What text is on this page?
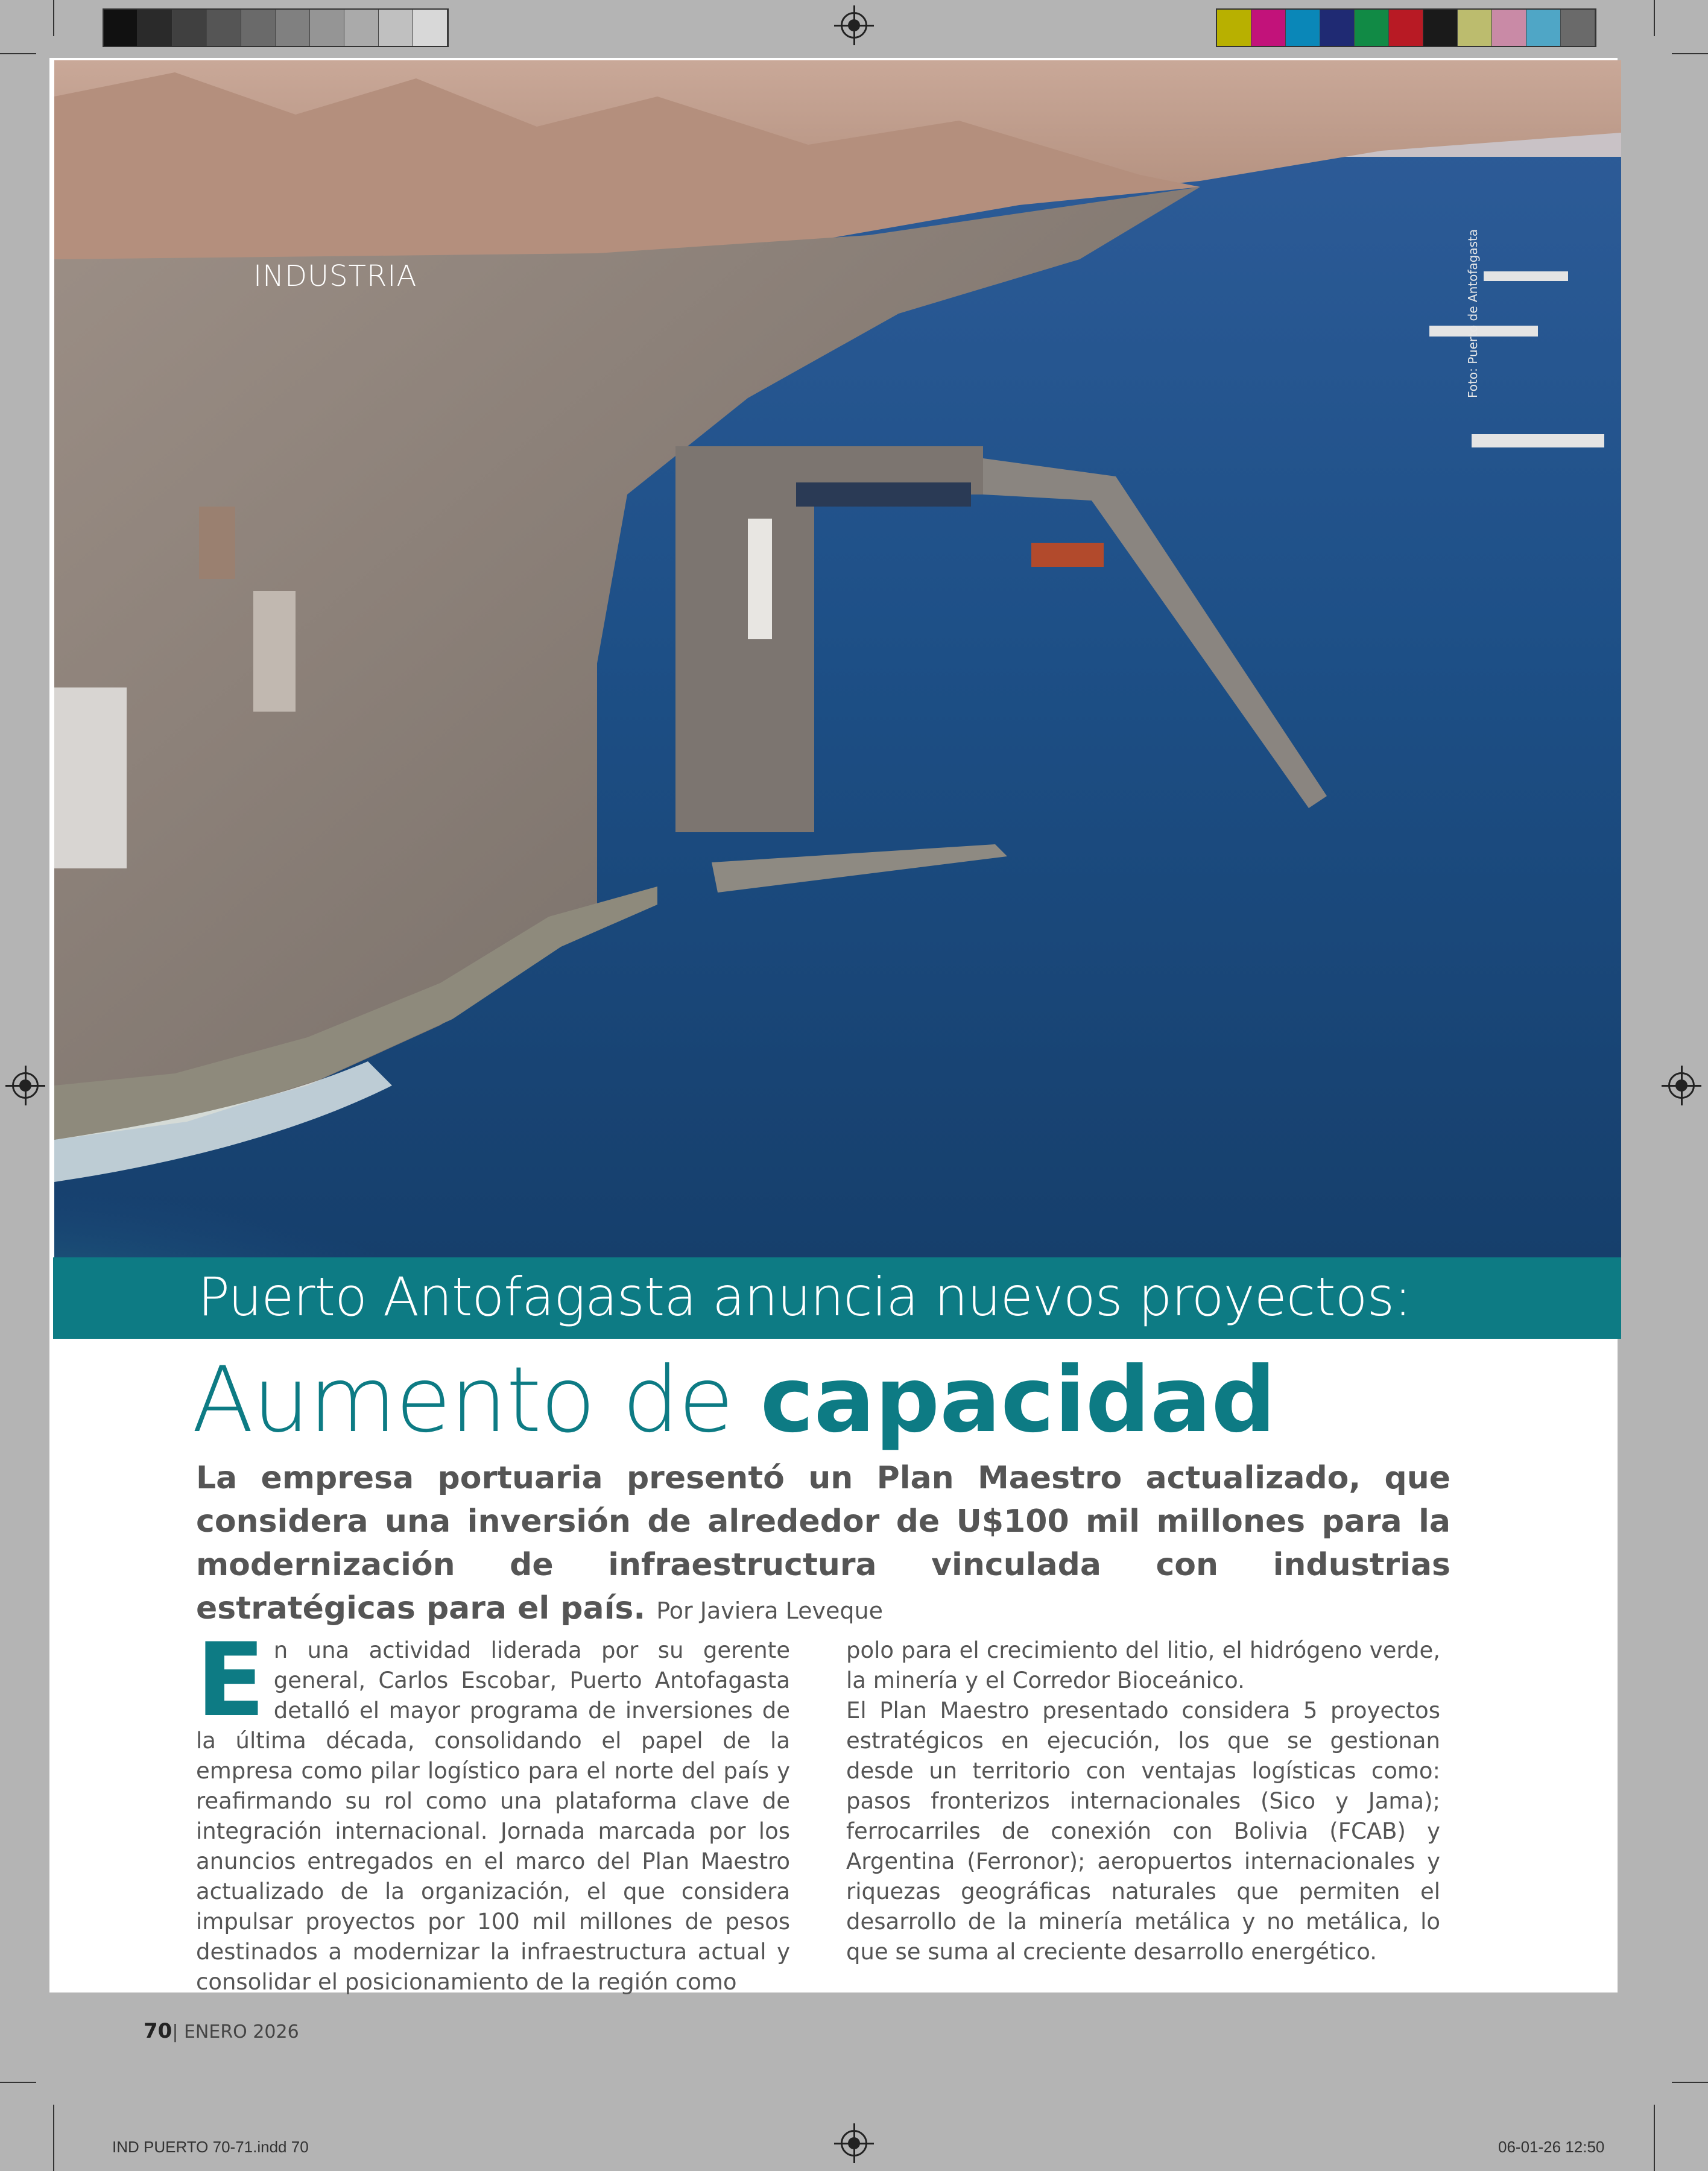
INDUSTRIA	Foto: Puerto de Antofagasta
Puerto Antofagasta anuncia nuevos proyectos:
Aumento de capacidad
La empresa portuaria presentó un Plan Maestro actualizado, que considera una inversión de alrededor de U$100 mil millones para la modernización de infraestructura vinculada con industrias estratégicas para el país. Por Javiera Leveque
E n una actividad liderada por su gerente general, Carlos Escobar, Puerto Antofagasta detalló el mayor programa de inversiones de la última década, consolidando el papel de la empresa como pilar logístico para el norte del país y reafirmando su rol como una plataforma clave de integración internacional. Jornada marcada por los anuncios entregados en el marco del Plan Maestro actualizado de la organización, el que considera impulsar proyectos por 100 mil millones de pesos destinados a modernizar la infraestructura actual y consolidar el posicionamiento de la región como

polo para el crecimiento del litio, el hidrógeno verde, la minería y el Corredor Bioceánico.

El Plan Maestro presentado considera 5 proyectos estratégicos en ejecución, los que se gestionan desde un territorio con ventajas logísticas como: pasos fronterizos internacionales (Sico y Jama); ferrocarriles de conexión con Bolivia (FCAB) y Argentina (Ferronor); aeropuertos internacionales y riquezas geográficas naturales que permiten el desarrollo de la minería metálica y no metálica, lo que se suma al creciente desarrollo energético.

70| ENERO 2026
IND PUERTO 70-71.indd 70	06-01-26 12:50
